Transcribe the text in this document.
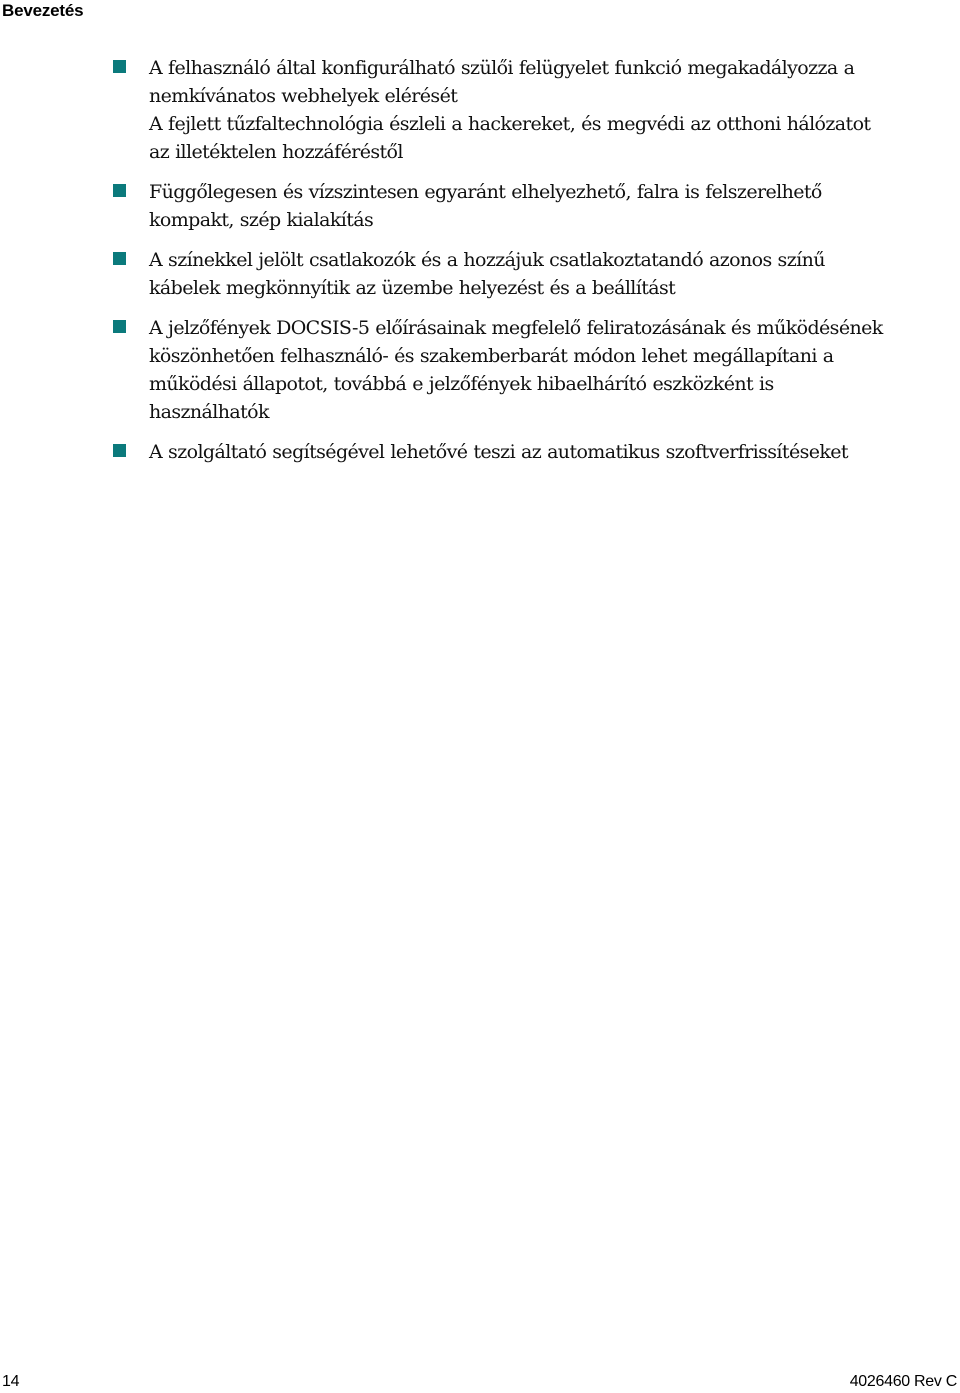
Bevezetés
A felhasználó által konfigurálható szülői felügyelet funkció megakadályozza a
nemkívánatos webhelyek elérését
A fejlett tűzfaltechnológia észleli a hackereket, és megvédi az otthoni hálózatot
az illetéktelen hozzáféréstől
Függőlegesen és vízszintesen egyaránt elhelyezhető, falra is felszerelhető
kompakt, szép kialakítás
A színekkel jelölt csatlakozók és a hozzájuk csatlakoztatandó azonos színű
kábelek megkönnyítik az üzembe helyezést és a beállítást
A jelzőfények DOCSIS-5 előírásainak megfelelő feliratozásának és működésének
köszönhetően felhasználó- és szakemberbarát módon lehet megállapítani a
működési állapotot, továbbá e jelzőfények hibaelhárító eszközként is
használhatók
A szolgáltató segítségével lehetővé teszi az automatikus szoftverfrissítéseket
14	4026460 Rev C
